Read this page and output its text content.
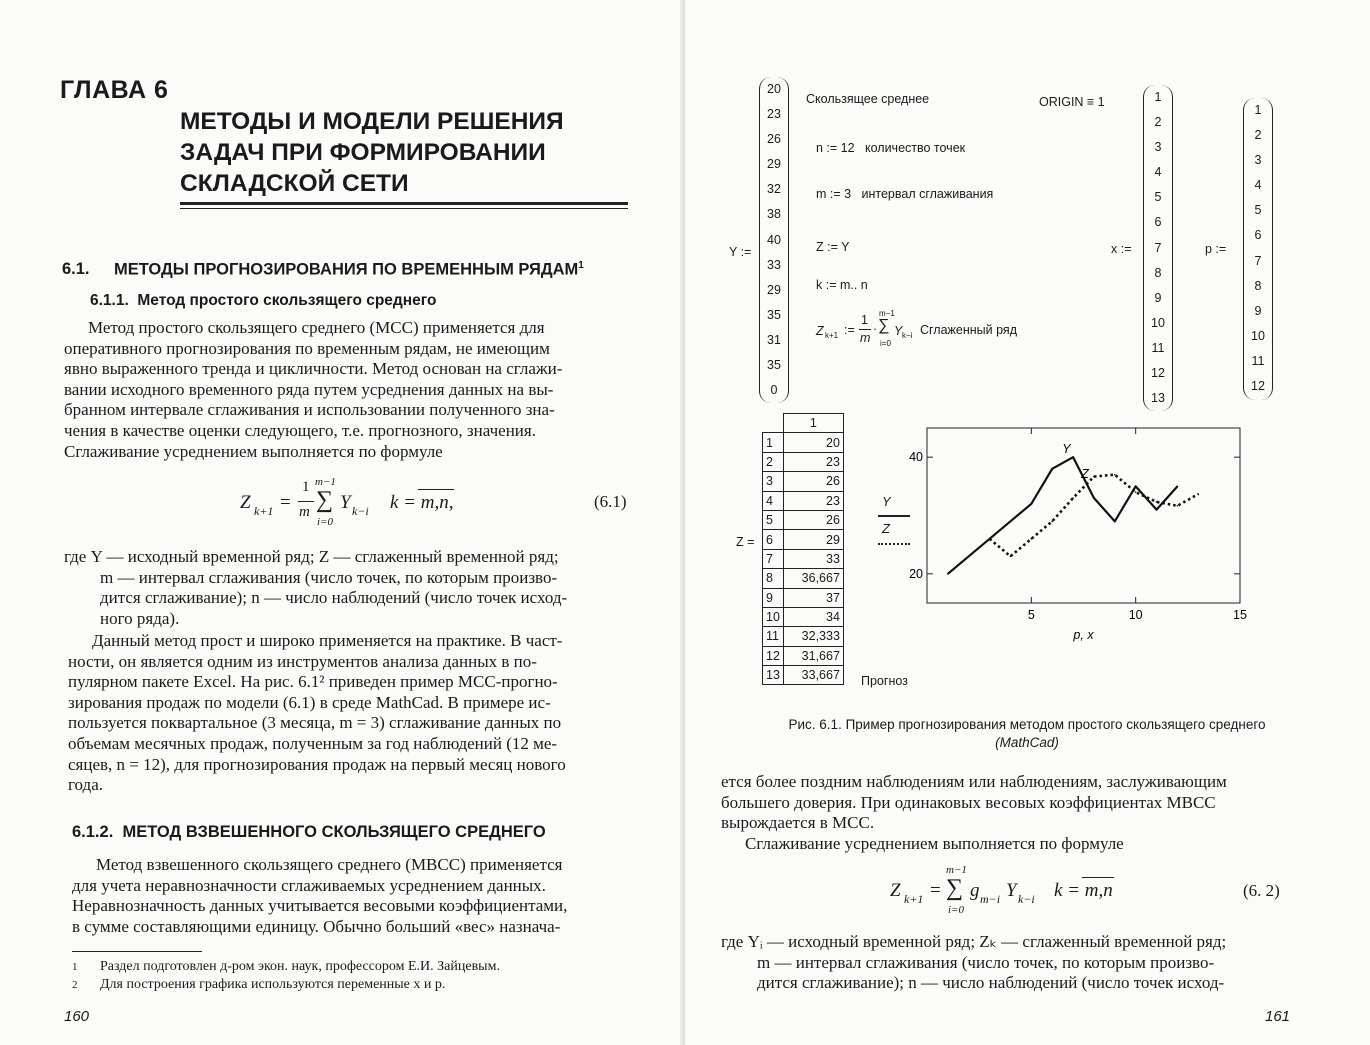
ГЛАВА 6
МЕТОДЫ И МОДЕЛИ РЕШЕНИЯ
ЗАДАЧ ПРИ ФОРМИРОВАНИИ
СКЛАДСКОЙ СЕТИ
6.1. МЕТОДЫ ПРОГНОЗИРОВАНИЯ ПО ВРЕМЕННЫМ РЯДАМ$^1$
6.1.1.  Метод простого скользящего среднего
Метод простого скользящего среднего (МСС) применяется для
оперативного прогнозирования по временным рядам, не имеющим
явно выраженного тренда и цикличности. Метод основан на сглажи-
вании исходного временного ряда путем усреднения данных на вы-
бранном интервале сглаживания и использовании полученного зна-
чения в качестве оценки следующего, т.е. прогнозного, значения.
Сглаживание усреднением выполняется по формуле
Z k+1 =
1
m
m−1
∑
i=0
Y k−i k = m,n,	(6.1)
где Y — исходный временной ряд; Z — сглаженный временной ряд;
m — интервал сглаживания (число точек, по которым произво-
дится сглаживание); n — число наблюдений (число точек исход-
ного ряда).
Данный метод прост и широко применяется на практике. В част-
ности, он является одним из инструментов анализа данных в по-
пулярном пакете Excel. На рис. 6.1² приведен пример МСС-прогно-
зирования продаж по модели (6.1) в среде MathCad. В примере ис-
пользуется поквартальное (3 месяца, m = 3) сглаживание данных по
объемам месячных продаж, полученным за год наблюдений (12 ме-
сяцев, n = 12), для прогнозирования продаж на первый месяц нового
года.
6.1.2.  МЕТОД ВЗВЕШЕННОГО СКОЛЬЗЯЩЕГО СРЕДНЕГО
Метод взвешенного скользящего среднего (МВСС) применяется
для учета неравнозначности сглаживаемых усреднением данных.
Неравнозначность данных учитывается весовыми коэффициентами,
в сумме составляющими единицу. Обычно больший «вес» назнача-
1 Раздел подготовлен д-ром экон. наук, профессором Е.И. Зайцевым.
2 Для построения графика используются переменные x и p.
160
Y :=
20
23
26
29
32
38
40
33
29
35
31
35
0
Скользящее среднее	ORIGIN ≡ 1
n := 12   количество точек
m := 3   интервал сглаживания
Z := Y
k := m.. n
Z k+1 :=
1
m
·
m−1
∑
i=0
Y k−i Сглаженный ряд
x :=
1
2
3
4
5
6
7
8
9
10
11
12
13
p :=
1
2
3
4
5
6
7
8
9
10
11
12
Z =
	1
1	20
2	23
3	26
4	23
5	26
6	29
7	33
8	36,667
9	37
10	34
11	32,333
12	31,667
13	33,667
Y
Z
5	10	15
20
40
p, x
Y
Z
Прогноз
Рис. 6.1. Пример прогнозирования методом простого скользящего среднего
(MathCad)
ется более поздним наблюдениям или наблюдениям, заслуживающим
большего доверия. При одинаковых весовых коэффициентах МВСС
вырождается в МСС.
Сглаживание усреднением выполняется по формуле
Z k+1 =
m−1
∑
i=0
g m−i Y k−i k = m,n	(6. 2)
где Yᵢ — исходный временной ряд; Zₖ — сглаженный временной ряд;
m — интервал сглаживания (число точек, по которым произво-
дится сглаживание); n — число наблюдений (число точек исход-
161
